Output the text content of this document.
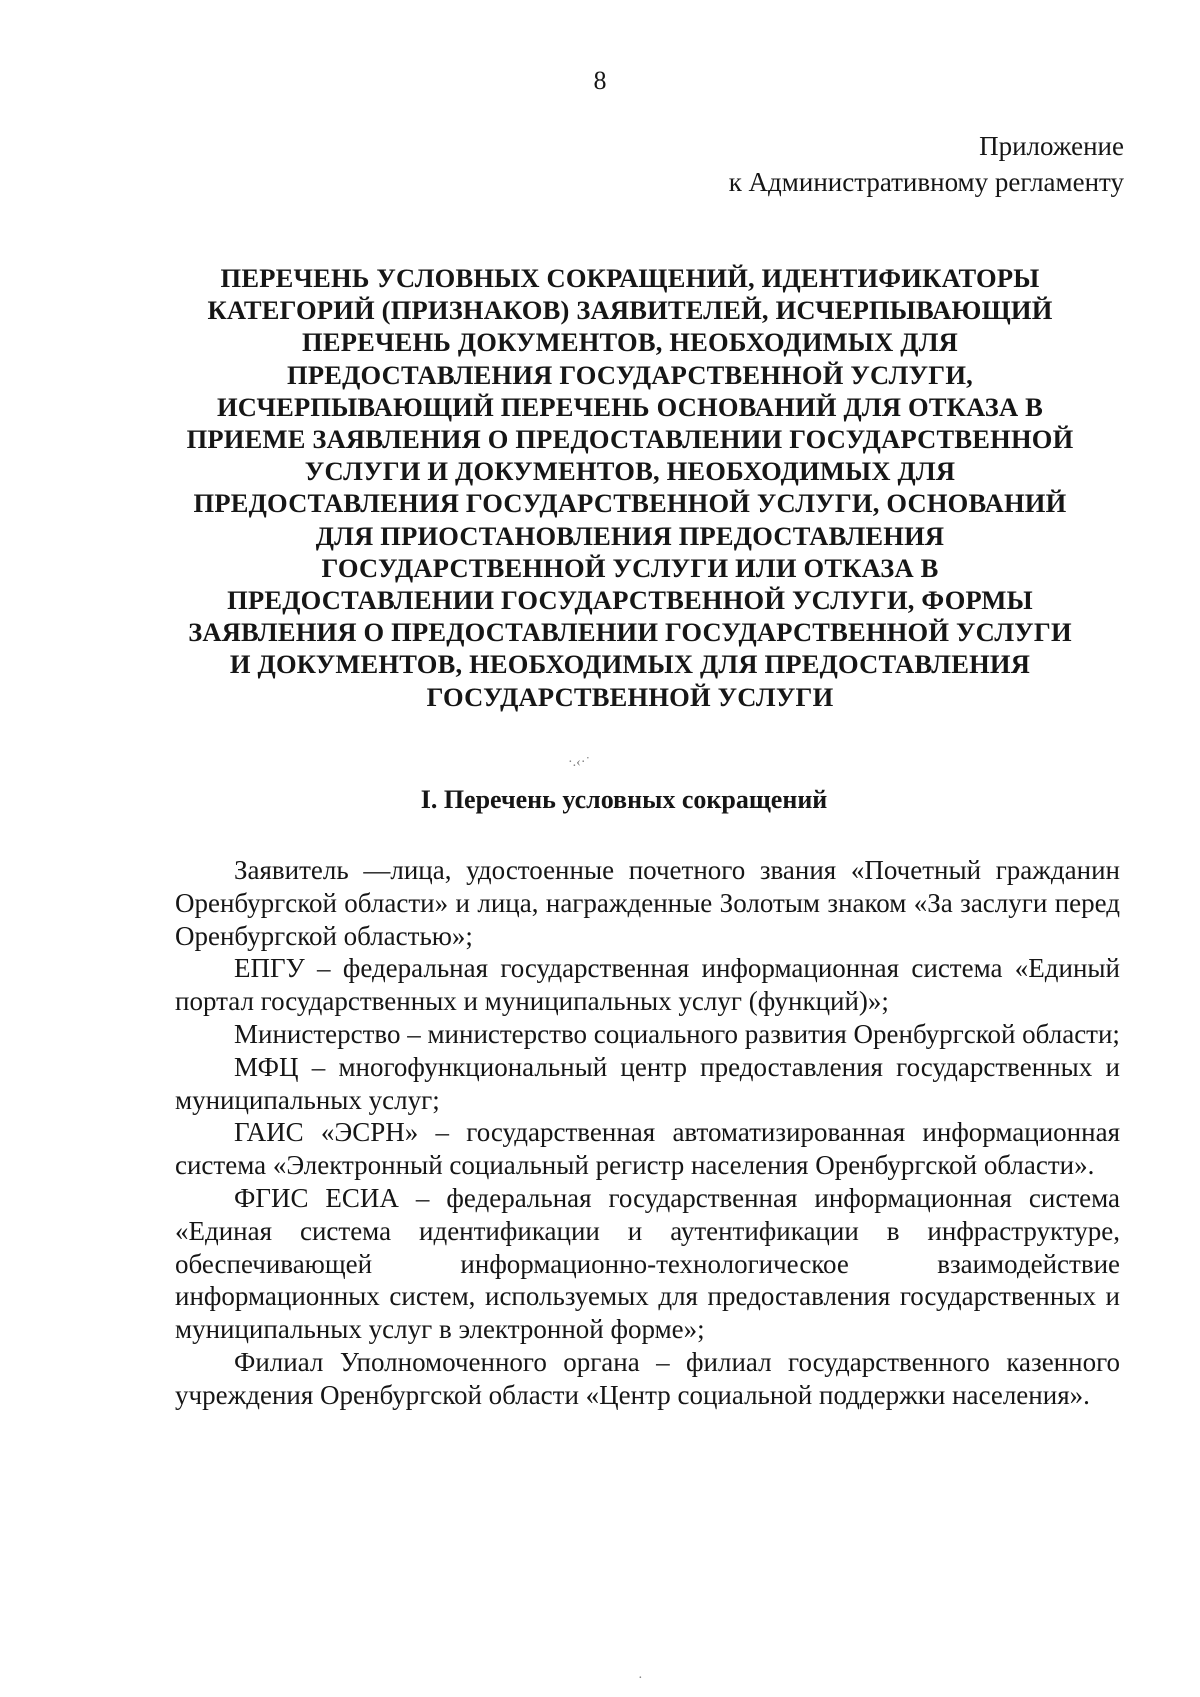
8
Приложение
к Административному регламенту
ПЕРЕЧЕНЬ УСЛОВНЫХ СОКРАЩЕНИЙ, ИДЕНТИФИКАТОРЫ
КАТЕГОРИЙ (ПРИЗНАКОВ) ЗАЯВИТЕЛЕЙ, ИСЧЕРПЫВАЮЩИЙ
ПЕРЕЧЕНЬ ДОКУМЕНТОВ, НЕОБХОДИМЫХ ДЛЯ
ПРЕДОСТАВЛЕНИЯ ГОСУДАРСТВЕННОЙ УСЛУГИ,
ИСЧЕРПЫВАЮЩИЙ ПЕРЕЧЕНЬ ОСНОВАНИЙ ДЛЯ ОТКАЗА В
ПРИЕМЕ ЗАЯВЛЕНИЯ О ПРЕДОСТАВЛЕНИИ ГОСУДАРСТВЕННОЙ
УСЛУГИ И ДОКУМЕНТОВ, НЕОБХОДИМЫХ ДЛЯ
ПРЕДОСТАВЛЕНИЯ ГОСУДАРСТВЕННОЙ УСЛУГИ, ОСНОВАНИЙ
ДЛЯ ПРИОСТАНОВЛЕНИЯ ПРЕДОСТАВЛЕНИЯ
ГОСУДАРСТВЕННОЙ УСЛУГИ ИЛИ ОТКАЗА В
ПРЕДОСТАВЛЕНИИ ГОСУДАРСТВЕННОЙ УСЛУГИ, ФОРМЫ
ЗАЯВЛЕНИЯ О ПРЕДОСТАВЛЕНИИ ГОСУДАРСТВЕННОЙ УСЛУГИ
И ДОКУМЕНТОВ, НЕОБХОДИМЫХ ДЛЯ ПРЕДОСТАВЛЕНИЯ
ГОСУДАРСТВЕННОЙ УСЛУГИ
·.‹·˙
I. Перечень условных сокращений

Заявитель —лица, удостоенные почетного звания «Почетный гражданин Оренбургской области» и лица, награжденные Золотым знаком «За заслуги перед Оренбургской областью»;

ЕПГУ – федеральная государственная информационная система «Единый портал государственных и муниципальных услуг (функций)»;

Министерство – министерство социального развития Оренбургской области;

МФЦ – многофункциональный центр предоставления государственных и муниципальных услуг;

ГАИС «ЭСРН» – государственная автоматизированная информационная система «Электронный социальный регистр населения Оренбургской области».

ФГИС ЕСИА – федеральная государственная информационная система «Единая система идентификации и аутентификации в инфраструктуре, обеспечивающей информационно-технологическое взаимодействие информационных систем, используемых для предоставления государственных и муниципальных услуг в электронной форме»;

Филиал Уполномоченного органа – филиал государственного казенного учреждения Оренбургской области «Центр социальной поддержки населения».

·
